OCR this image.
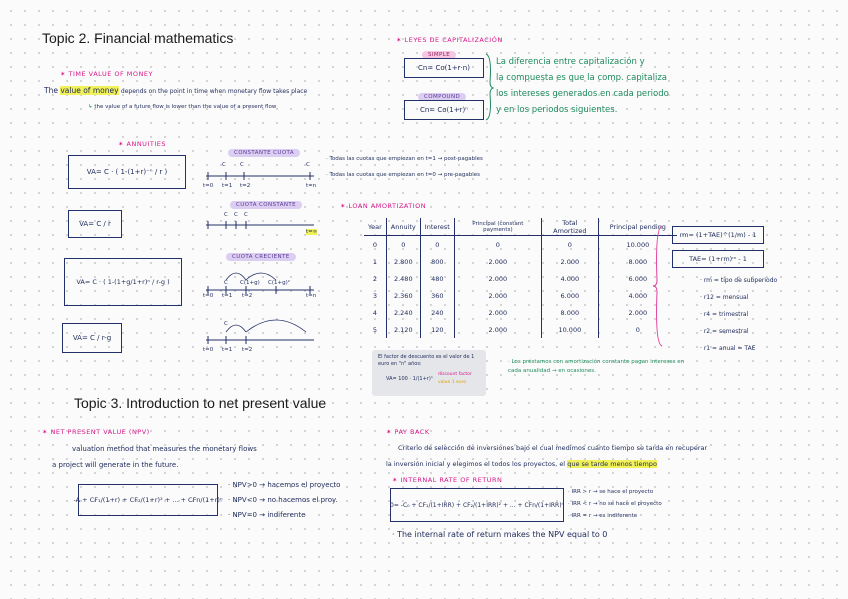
Topic 2. Financial mathematics
✶ TIME VALUE OF MONEY
The value of money depends on the point in time when monetary flow takes place
↳ the value of a future flow is lower than the value of a present flow
✶ LEYES DE CAPITALIZACIÓN
SIMPLE
Cn= Co(1+r·n)
COMPOUND
Cn= Co(1+r)ⁿ
La diferencia entre capitalización y
la compuesta es que la comp. capitaliza
los intereses generados en cada periodo
y en los periodos siguientes.
✶ ANNUITIES
VA= C · ( 1-(1+r)⁻ⁿ / r )
VA= C / r
VA= C · ( 1-(1+g/1+r)ⁿ / r-g )
VA= C / r-g
CONSTANTE CUOTA
C	C	C
t=0 t=1 t=2	t=n
CUOTA CONSTANTE
C C C
t=∞
CUOTA CRECIENTE
C C(1+g) C(1+g)²
t=0 t=1 t=2	t=n
C
t=0 t=1 t=2
· Todas las cuotas que empiezan en t=1 → post-pagables
· Todas las cuotas que empiezan en t=0 → pre-pagables
✶ LOAN AMORTIZATION
Year	Annuity	Interest	Principal (constant payments)	Total Amortized	Principal pending
0	0	0	0	0	10.000
1	2.800	800	2.000	2.000	8.000
2	2.480	480	2.000	4.000	6.000
3	2.360	360	2.000	6.000	4.000
4	2.240	240	2.000	8.000	2.000
5	2.120	120	2.000	10.000	0
rm= (1+TAE)^(1/m) - 1
TAE= (1+rm)ᵐ - 1
· rm = tipo de subperiodo
· r12 = mensual
· r4 = trimestral
· r2 = semestral
· r1 = anual = TAE
El factor de descuento es el valor de 1 euro en "n" años:
VA= 100 · 1/(1+r)ⁿ
discount factor
value 1 euro
· Los préstamos con amortización constante pagan intereses en cada anualidad → en ocasiones.
Topic 3. Introduction to net present value
✶ NET PRESENT VALUE (NPV)
valuation method that measures the monetary flows
a project will generate in the future.
-A + CF₁/(1+r) + CF₂/(1+r)² + ... + CFn/(1+r)ⁿ
· NPV>0 → hacemos el proyecto
· NPV<0 → no hacemos el proy.
· NPV=0 → indiferente
✶ PAY BACK
Criterio de selección de inversiones bajo el cual medimos cuánto tiempo se tarda en recuperar
la inversión inicial y elegimos el todos los proyectos, el que se tarde menos tiempo
✶ INTERNAL RATE OF RETURN
0= -C₀ + CF₁/(1+IRR) + CF₂/(1+IRR)² + ... + CFn/(1+IRR)ⁿ
· IRR > r → se hace el proyecto
· IRR < r → no se hace el proyecto
· IRR = r → es indiferente
· The internal rate of return makes the NPV equal to 0
